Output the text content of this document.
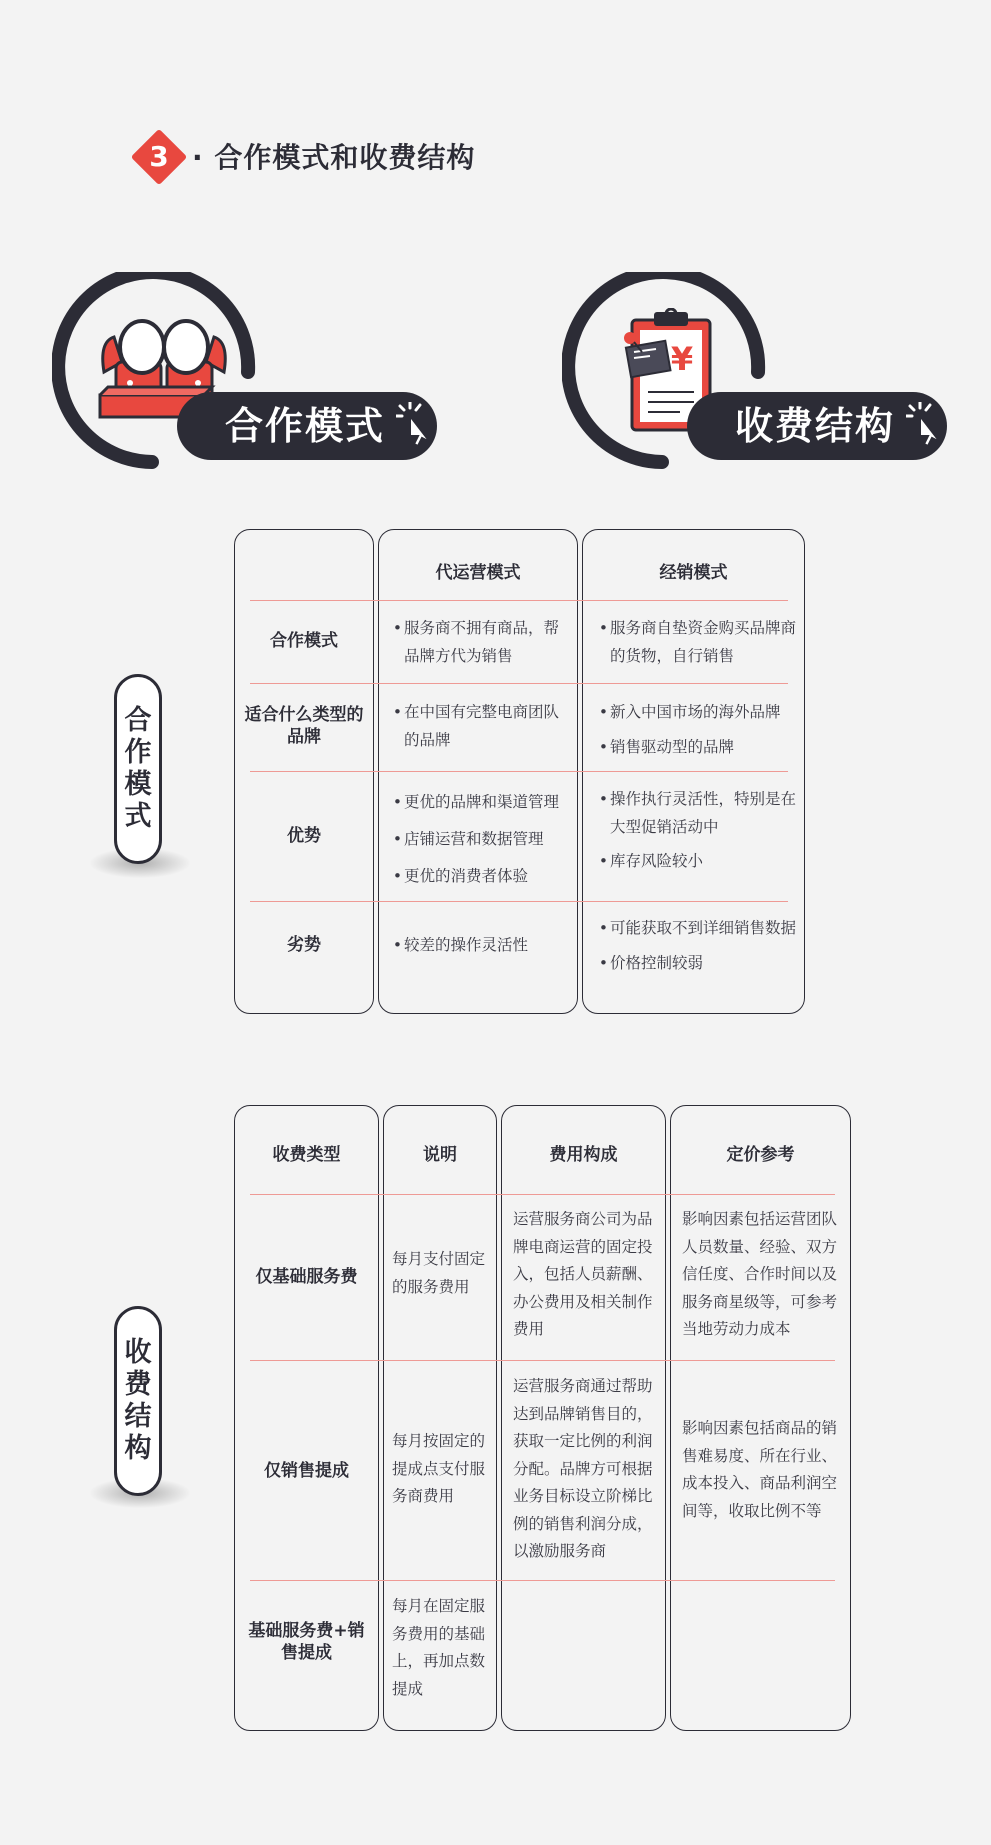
3 · 合作模式和收费结构
合作模式
¥
收费结构
合
作
模
式
代运营模式	经销模式
合作模式
• 服务商不拥有商品，帮品牌方代为销售
• 服务商自垫资金购买品牌商的货物，自行销售
适合什么类型的品牌
• 在中国有完整电商团队的品牌
• 新入中国市场的海外品牌
• 销售驱动型的品牌
优势
• 更优的品牌和渠道管理
• 店铺运营和数据管理
• 更优的消费者体验
• 操作执行灵活性，特别是在大型促销活动中
• 库存风险较小
劣势
•	较差的操作灵活性
• 可能获取不到详细销售数据
• 价格控制较弱
收
费
结
构
收费类型	说明	费用构成	定价参考
仅基础服务费
每月支付固定的服务费用
运营服务商公司为品牌电商运营的固定投入，包括人员薪酬、办公费用及相关制作费用
影响因素包括运营团队人员数量、经验、双方信任度、合作时间以及服务商星级等，可参考当地劳动力成本
仅销售提成
每月按固定的提成点支付服务商费用
运营服务商通过帮助达到品牌销售目的，获取一定比例的利润分配。品牌方可根据业务目标设立阶梯比例的销售利润分成，以激励服务商
影响因素包括商品的销售难易度、所在行业、成本投入、商品利润空间等，收取比例不等
基础服务费+销售提成
每月在固定服务费用的基础上，再加点数提成
